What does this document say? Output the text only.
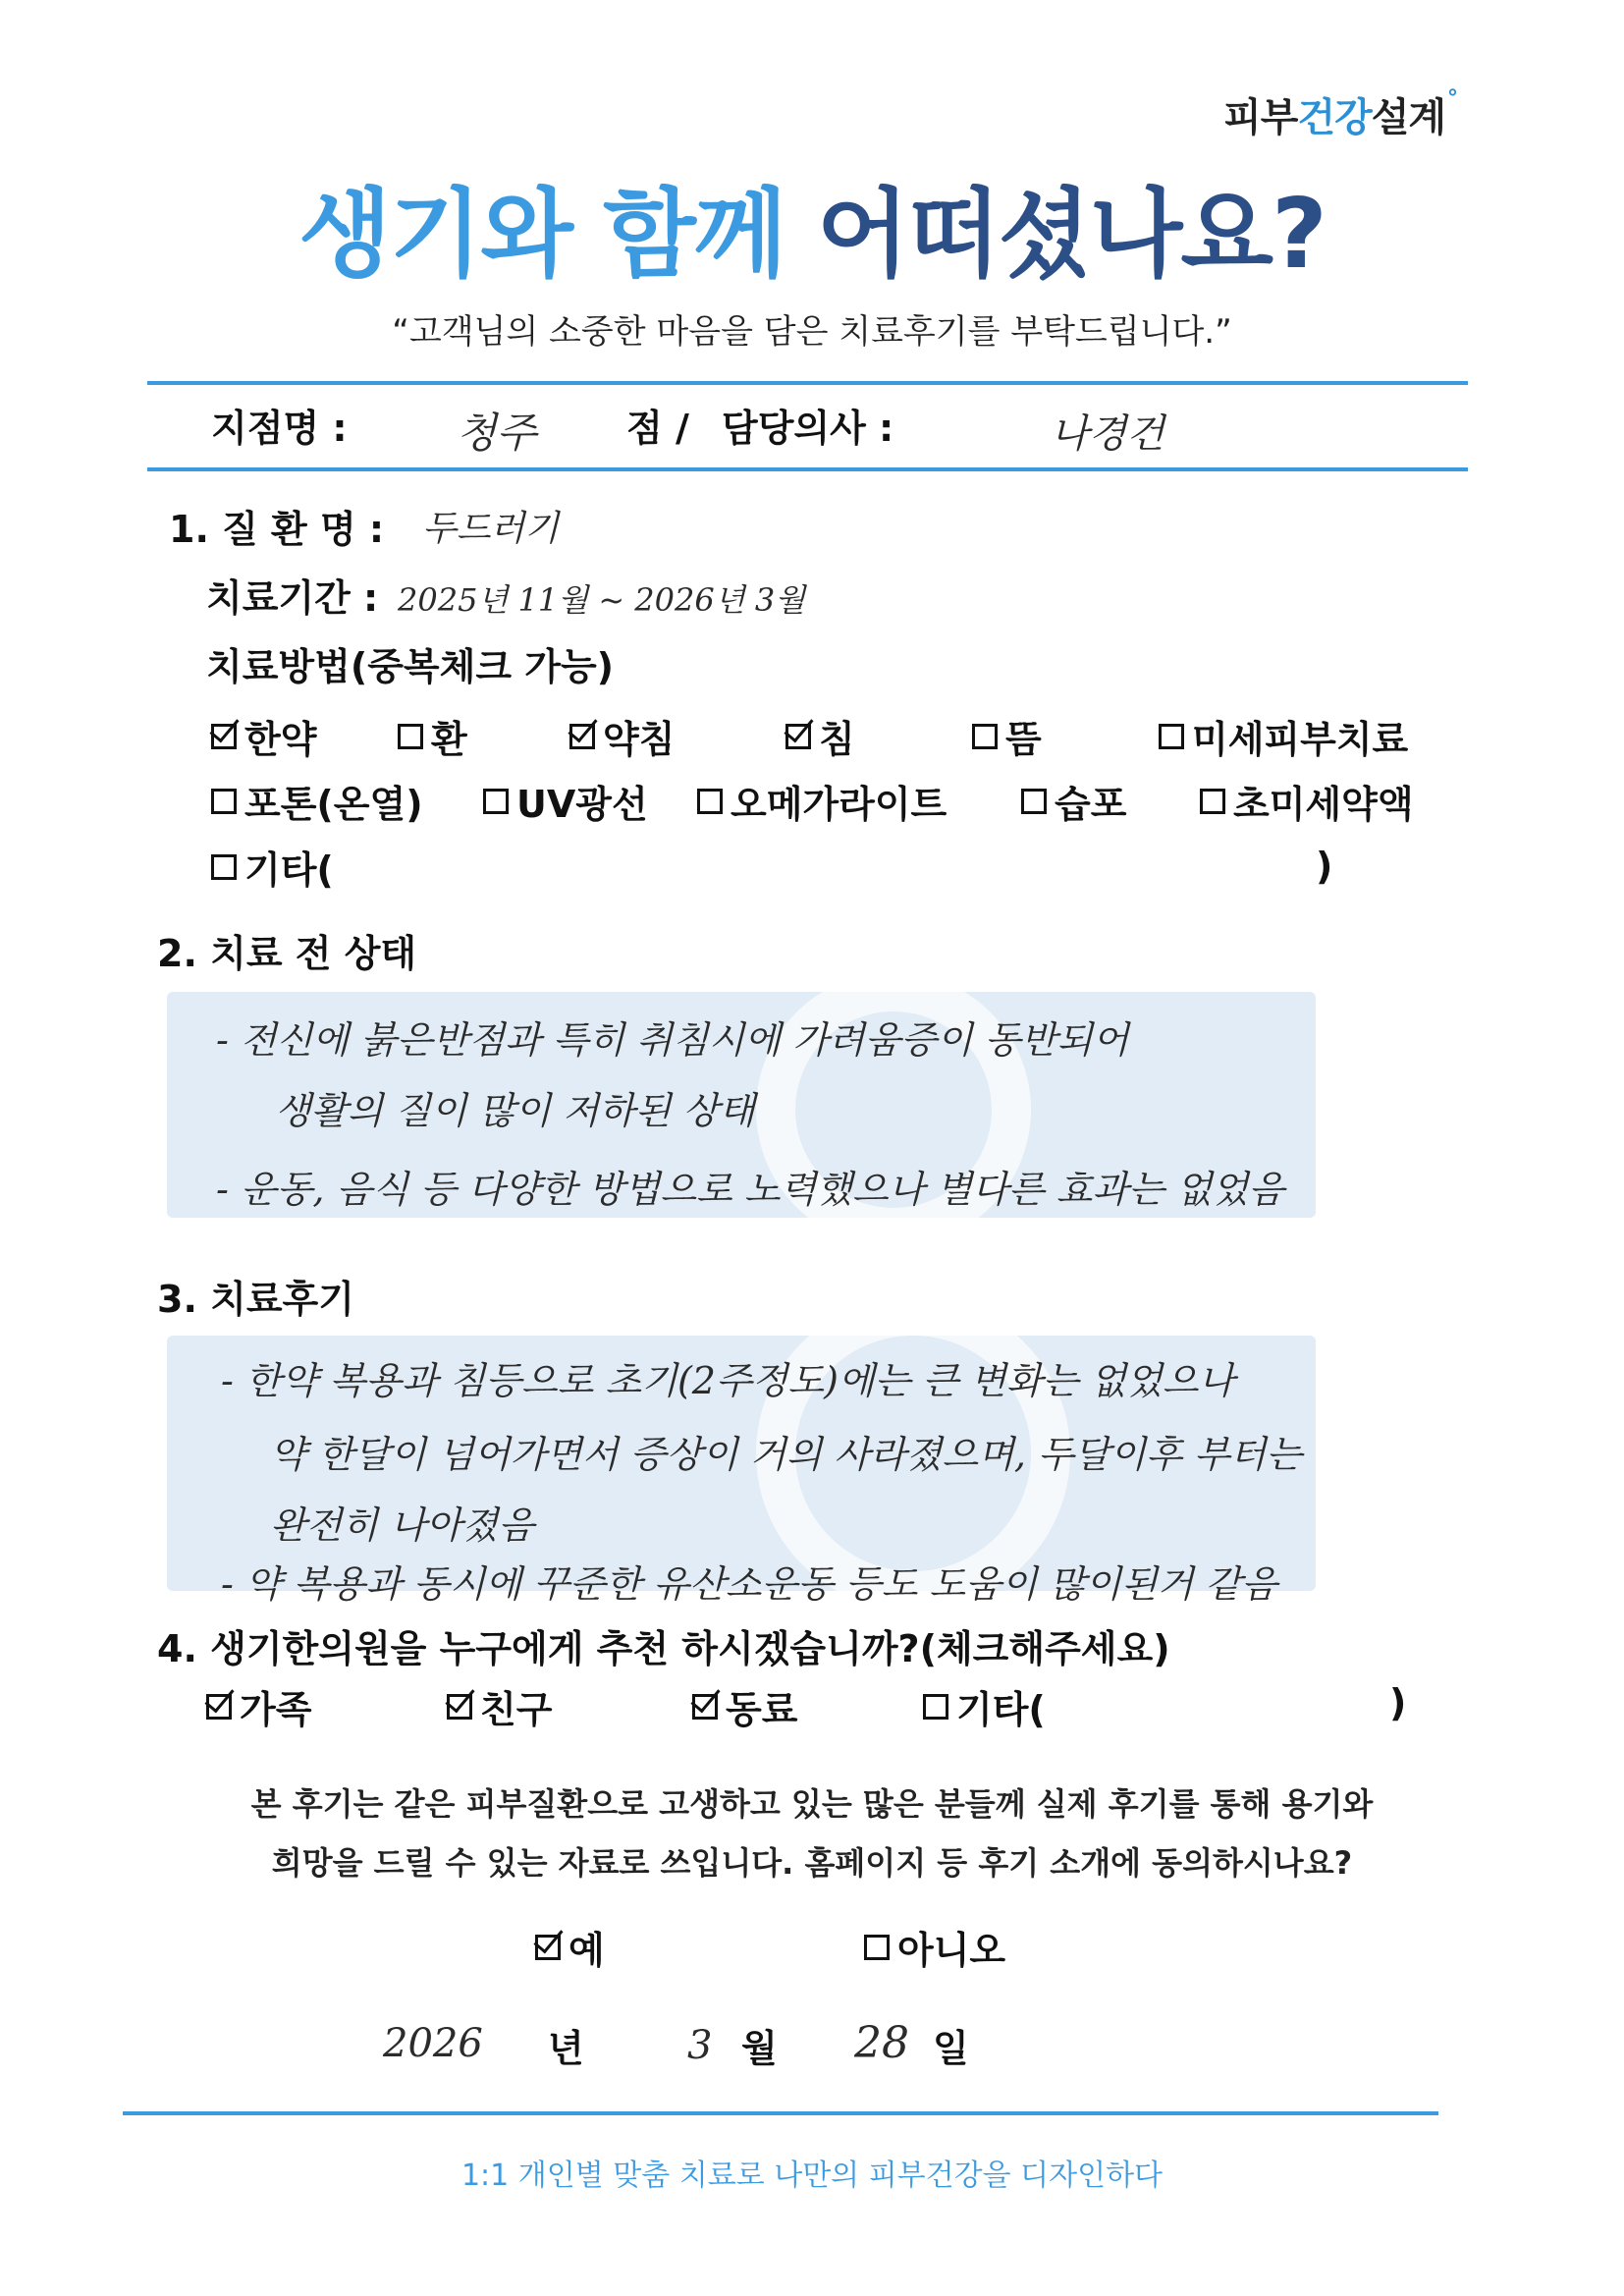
피부건강설계°
생기와 함께 어떠셨나요?
“고객님의 소중한 마음을 담은 치료후기를 부탁드립니다.”
지점명 :	청주 점 / 담당의사 :	나경건
1. 질 환 명 : 두드러기
치료기간 : 2025년 11월 ~ 2026년 3월
치료방법(중복체크 가능)
한약	환	약침	침	뜸	미세피부치료
포톤(온열)	UV광선 오메가라이트	습포	초미세약액
기타(	)
2. 치료 전 상태
- 전신에 붉은반점과 특히 취침시에 가려움증이 동반되어
생활의 질이 많이 저하된 상태
- 운동, 음식 등 다양한 방법으로 노력했으나 별다른 효과는 없었음
3. 치료후기
- 한약 복용과 침등으로 초기(2주정도)에는 큰 변화는 없었으나
약 한달이 넘어가면서 증상이 거의 사라졌으며, 두달이후 부터는
완전히 나아졌음
- 약 복용과 동시에 꾸준한 유산소운동 등도 도움이 많이된거 같음
4. 생기한의원을 누구에게 추천 하시겠습니까?(체크해주세요)
가족	친구	동료	기타(	)
본 후기는 같은 피부질환으로 고생하고 있는 많은 분들께 실제 후기를 통해 용기와
희망을 드릴 수 있는 자료로 쓰입니다. 홈페이지 등 후기 소개에 동의하시나요?
예	아니오
2026 년	3 월 28 일
1:1 개인별 맞춤 치료로 나만의 피부건강을 디자인하다
